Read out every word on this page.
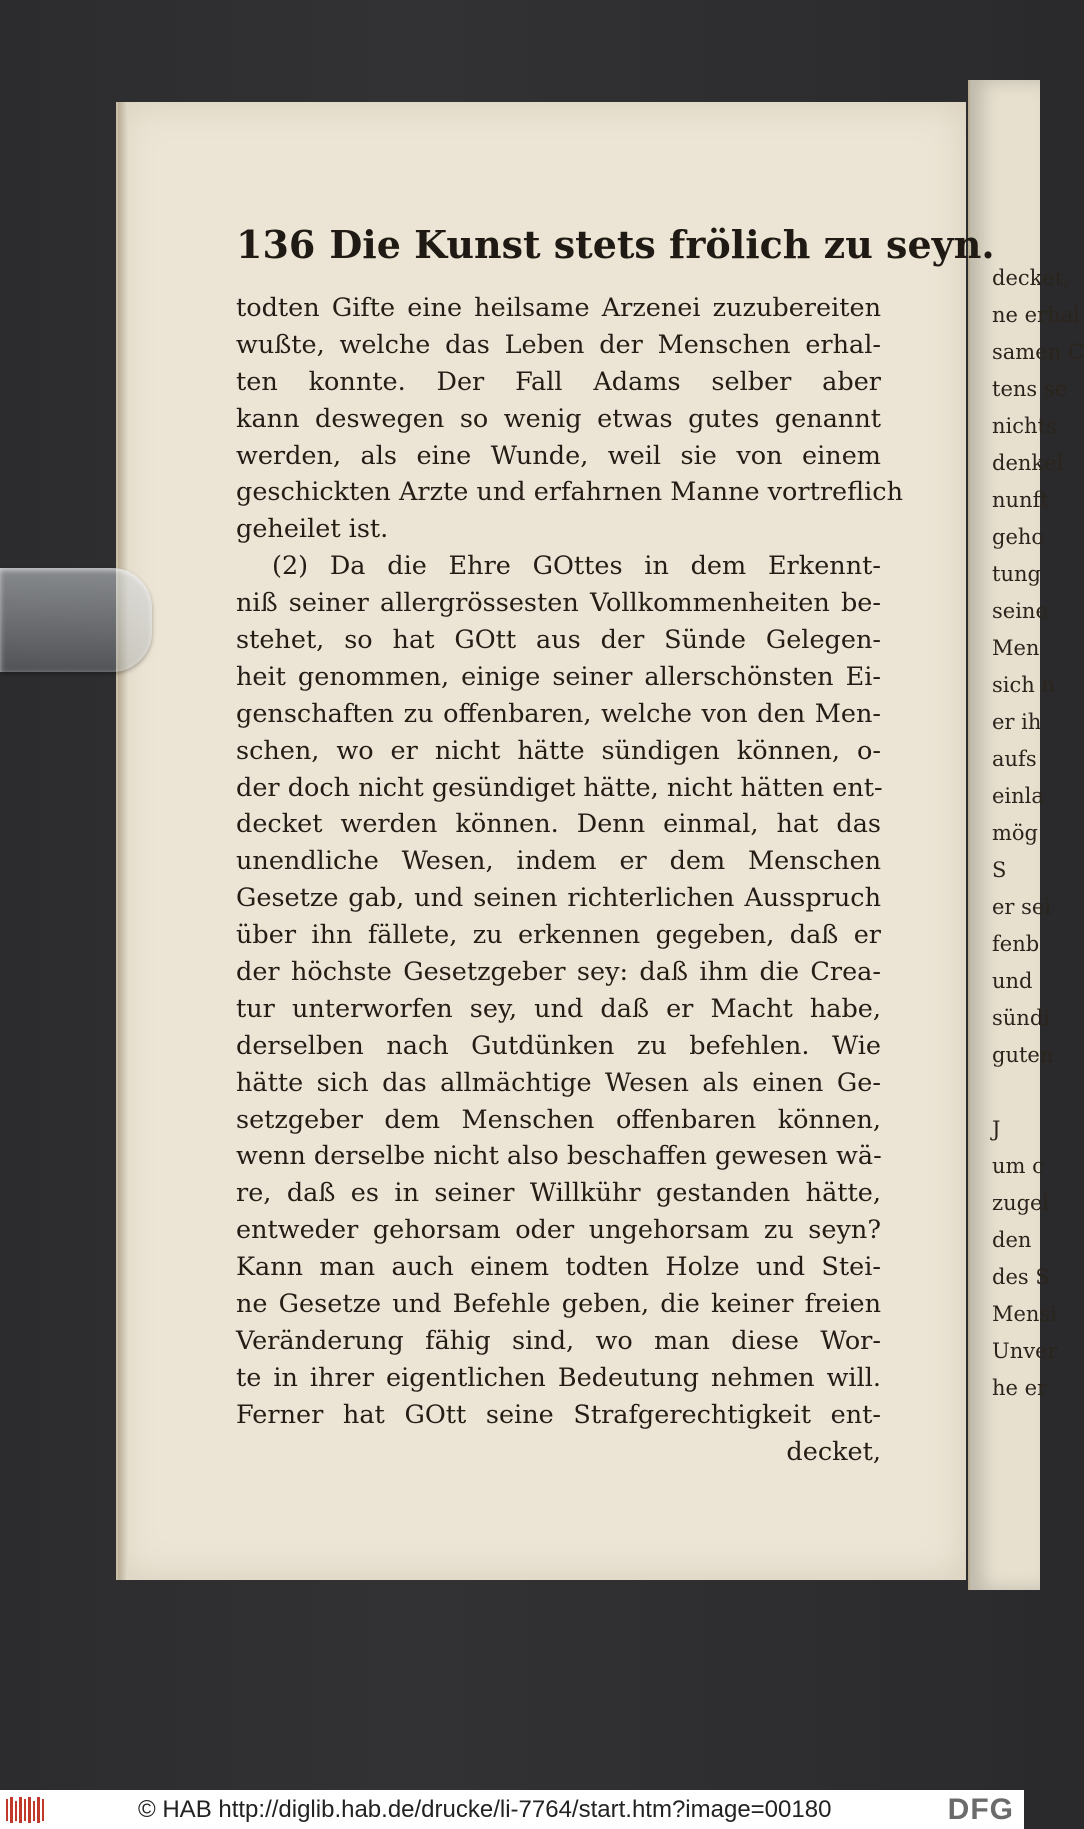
decket,
ne erhal
samen C
tens se
nichts
denkel
nunft
geho
tung
seine
Men
sich n
er ih
aufs
einla
mög
S
er sei
fenb
und
sündi
guten

J
um c
zugel
den
des S
Mensi
Unver
he er
136 Die Kunst stets frölich zu seyn.
todten Gifte eine heilsame Arzenei zuzubereiten
wußte, welche das Leben der Menschen erhal-
ten konnte. Der Fall Adams selber aber
kann deswegen so wenig etwas gutes genannt
werden, als eine Wunde, weil sie von einem
geschickten Arzte und erfahrnen Manne vortreflich
geheilet ist.
(2) Da die Ehre GOttes in dem Erkennt-
niß seiner allergrössesten Vollkommenheiten be-
stehet, so hat GOtt aus der Sünde Gelegen-
heit genommen, einige seiner allerschönsten Ei-
genschaften zu offenbaren, welche von den Men-
schen, wo er nicht hätte sündigen können, o-
der doch nicht gesündiget hätte, nicht hätten ent-
decket werden können. Denn einmal, hat das
unendliche Wesen, indem er dem Menschen
Gesetze gab, und seinen richterlichen Ausspruch
über ihn fällete, zu erkennen gegeben, daß er
der höchste Gesetzgeber sey: daß ihm die Crea-
tur unterworfen sey, und daß er Macht habe,
derselben nach Gutdünken zu befehlen. Wie
hätte sich das allmächtige Wesen als einen Ge-
setzgeber dem Menschen offenbaren können,
wenn derselbe nicht also beschaffen gewesen wä-
re, daß es in seiner Willkühr gestanden hätte,
entweder gehorsam oder ungehorsam zu seyn?
Kann man auch einem todten Holze und Stei-
ne Gesetze und Befehle geben, die keiner freien
Veränderung fähig sind, wo man diese Wor-
te in ihrer eigentlichen Bedeutung nehmen will.
Ferner hat GOtt seine Strafgerechtigkeit ent-
decket,
© HAB http://diglib.hab.de/drucke/li-7764/start.htm?image=00180	DFG
